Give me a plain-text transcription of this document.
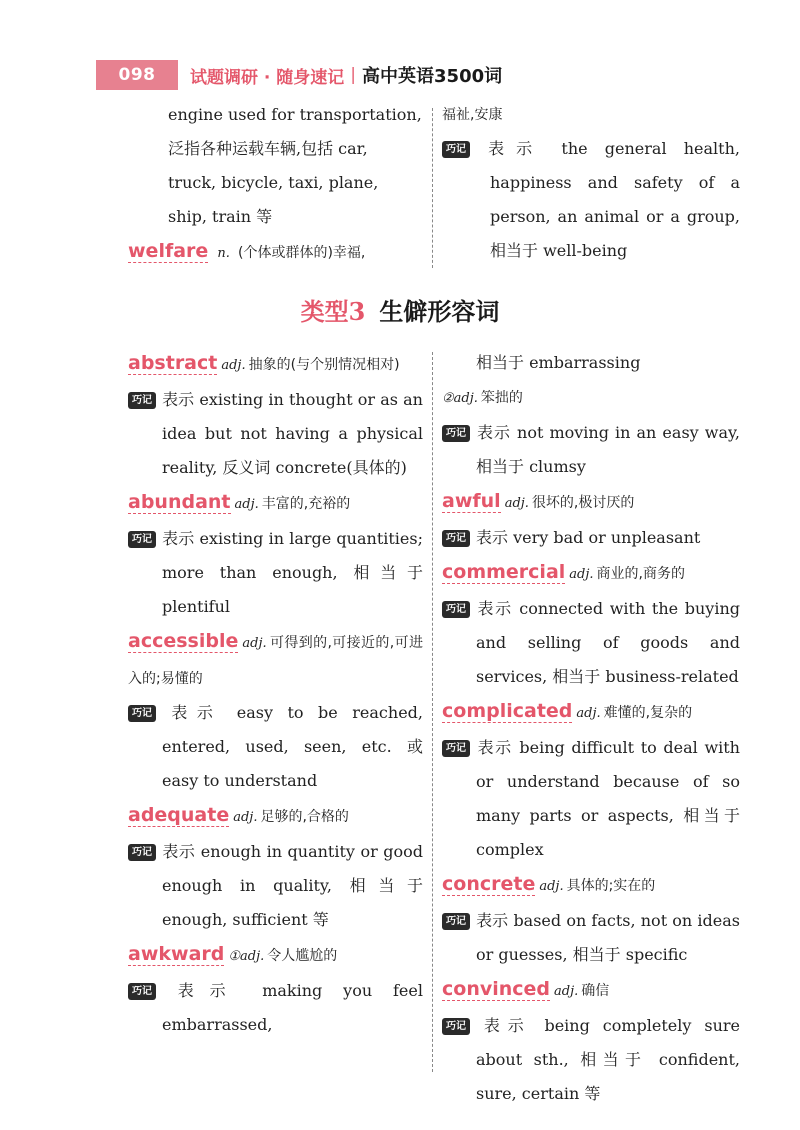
098	试题调研 · 随身速记 | 高中英语3500词
engine used for transportation,
泛指各种运载车辆,包括 car,
truck, bicycle, taxi, plane,
ship, train 等
welfare n. (个体或群体的)幸福,
福祉,安康
巧记 表示 the general health, happiness and safety of a person, an animal or a group, 相当于 well-being
类型3 生僻形容词
abstract adj. 抽象的(与个别情况相对)
巧记 表示 existing in thought or as an idea but not having a physical reality, 反义词 concrete(具体的)
abundant adj. 丰富的,充裕的
巧记 表示 existing in large quantities; more than enough, 相当于 plentiful
accessible adj. 可得到的,可接近的,可进入的;易懂的
巧记 表示 easy to be reached, entered, used, seen, etc. 或 easy to understand
adequate adj. 足够的,合格的
巧记 表示 enough in quantity or good enough in quality, 相当于 enough, sufficient 等
awkward ①adj. 令人尴尬的
巧记 表示 making you feel embarrassed,
相当于 embarrassing
②adj. 笨拙的
巧记 表示 not moving in an easy way, 相当于 clumsy
awful adj. 很坏的,极讨厌的
巧记 表示 very bad or unpleasant
commercial adj. 商业的,商务的
巧记 表示 connected with the buying and selling of goods and services, 相当于 business-related
complicated adj. 难懂的,复杂的
巧记 表示 being difficult to deal with or understand because of so many parts or aspects, 相当于 complex
concrete adj. 具体的;实在的
巧记 表示 based on facts, not on ideas or guesses, 相当于 specific
convinced adj. 确信
巧记 表示 being completely sure about sth., 相当于 confident, sure, certain 等
